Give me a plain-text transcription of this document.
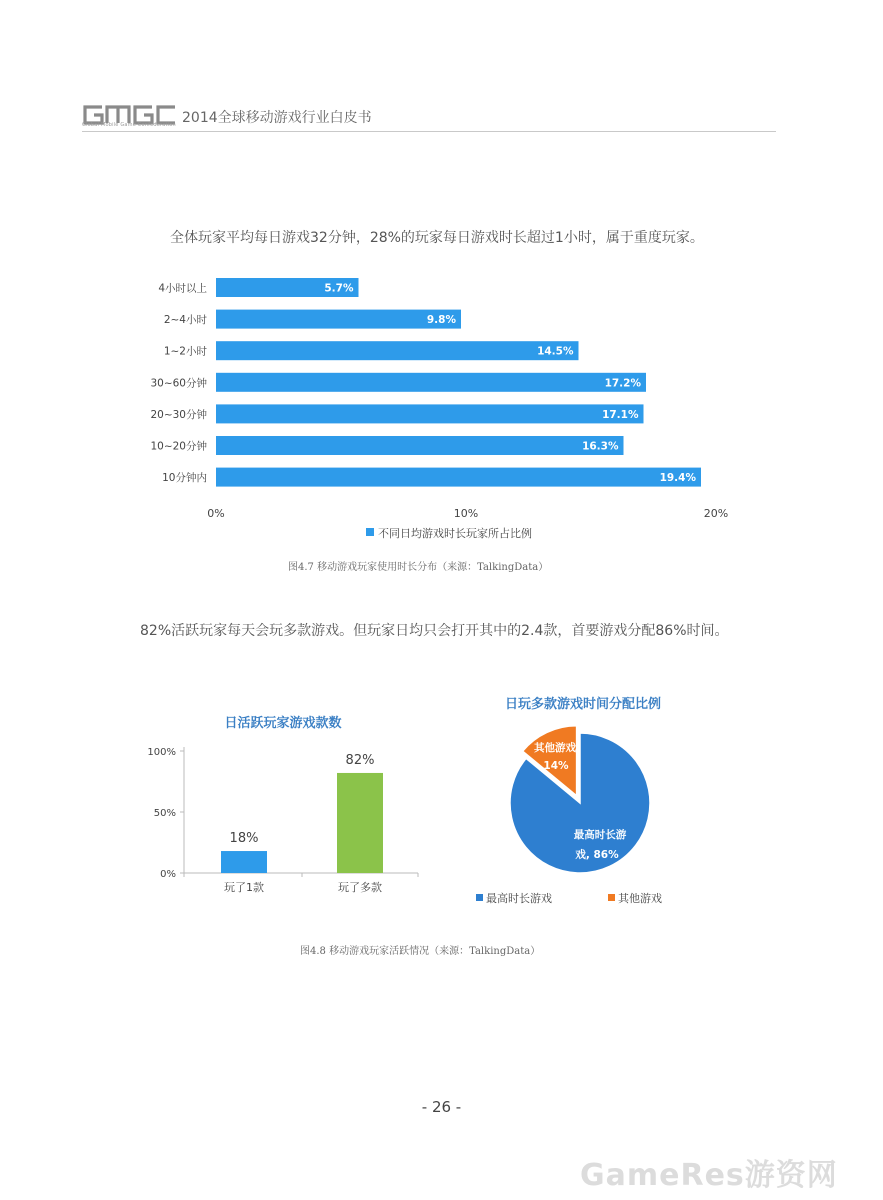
Global Mobile Game Confederation 2014全球移动游戏行业白皮书
全体玩家平均每日游戏32分钟，28%的玩家每日游戏时长超过1小时，属于重度玩家。
4小时以上	5.7%
2~4小时	9.8%
1~2小时	14.5%
30~60分钟	17.2%
20~30分钟	17.1%
10~20分钟	16.3%
10分钟内	19.4%
0%	10%	20%
不同日均游戏时长玩家所占比例
图4.7 移动游戏玩家使用时长分布（来源：TalkingData）
82%活跃玩家每天会玩多款游戏。但玩家日均只会打开其中的2.4款，首要游戏分配86%时间。
日活跃玩家游戏款数
0%
50%
100%
18%
玩了1款
82%
玩了多款
日玩多款游戏时间分配比例
最高时长游
戏, 86%
其他游戏
14%
最高时长游戏	其他游戏
图4.8 移动游戏玩家活跃情况（来源：TalkingData）
- 26 -
GameRes游资网
